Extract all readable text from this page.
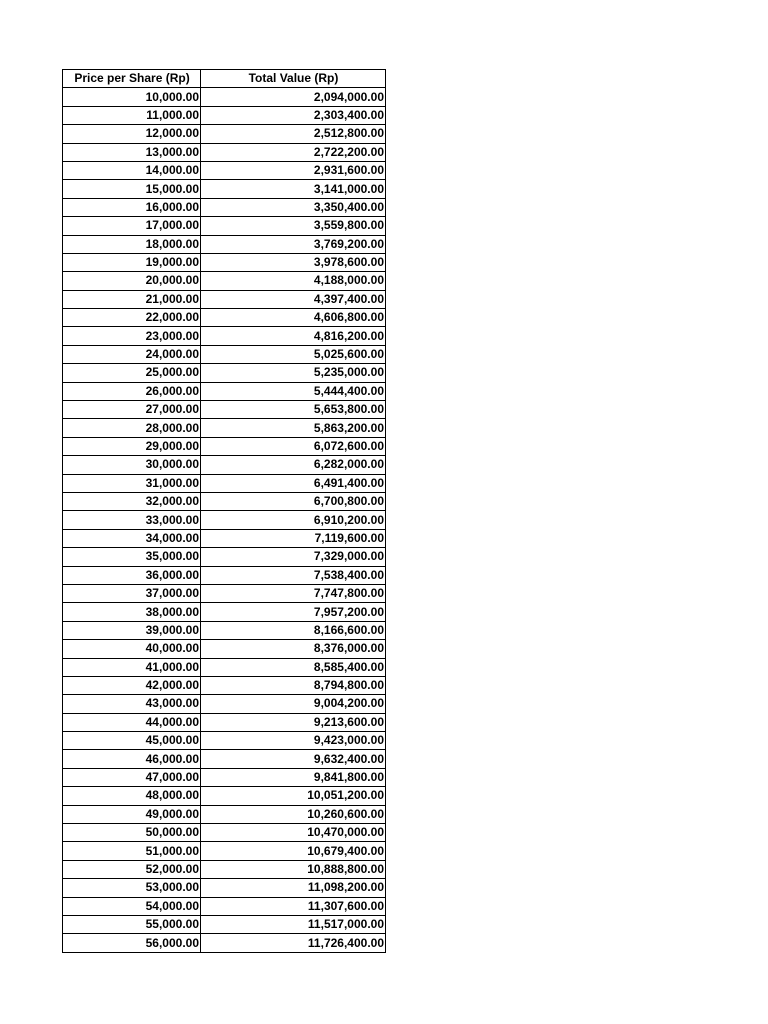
Price per Share (Rp)	Total Value (Rp)
10,000.00	2,094,000.00
11,000.00	2,303,400.00
12,000.00	2,512,800.00
13,000.00	2,722,200.00
14,000.00	2,931,600.00
15,000.00	3,141,000.00
16,000.00	3,350,400.00
17,000.00	3,559,800.00
18,000.00	3,769,200.00
19,000.00	3,978,600.00
20,000.00	4,188,000.00
21,000.00	4,397,400.00
22,000.00	4,606,800.00
23,000.00	4,816,200.00
24,000.00	5,025,600.00
25,000.00	5,235,000.00
26,000.00	5,444,400.00
27,000.00	5,653,800.00
28,000.00	5,863,200.00
29,000.00	6,072,600.00
30,000.00	6,282,000.00
31,000.00	6,491,400.00
32,000.00	6,700,800.00
33,000.00	6,910,200.00
34,000.00	7,119,600.00
35,000.00	7,329,000.00
36,000.00	7,538,400.00
37,000.00	7,747,800.00
38,000.00	7,957,200.00
39,000.00	8,166,600.00
40,000.00	8,376,000.00
41,000.00	8,585,400.00
42,000.00	8,794,800.00
43,000.00	9,004,200.00
44,000.00	9,213,600.00
45,000.00	9,423,000.00
46,000.00	9,632,400.00
47,000.00	9,841,800.00
48,000.00	10,051,200.00
49,000.00	10,260,600.00
50,000.00	10,470,000.00
51,000.00	10,679,400.00
52,000.00	10,888,800.00
53,000.00	11,098,200.00
54,000.00	11,307,600.00
55,000.00	11,517,000.00
56,000.00	11,726,400.00
